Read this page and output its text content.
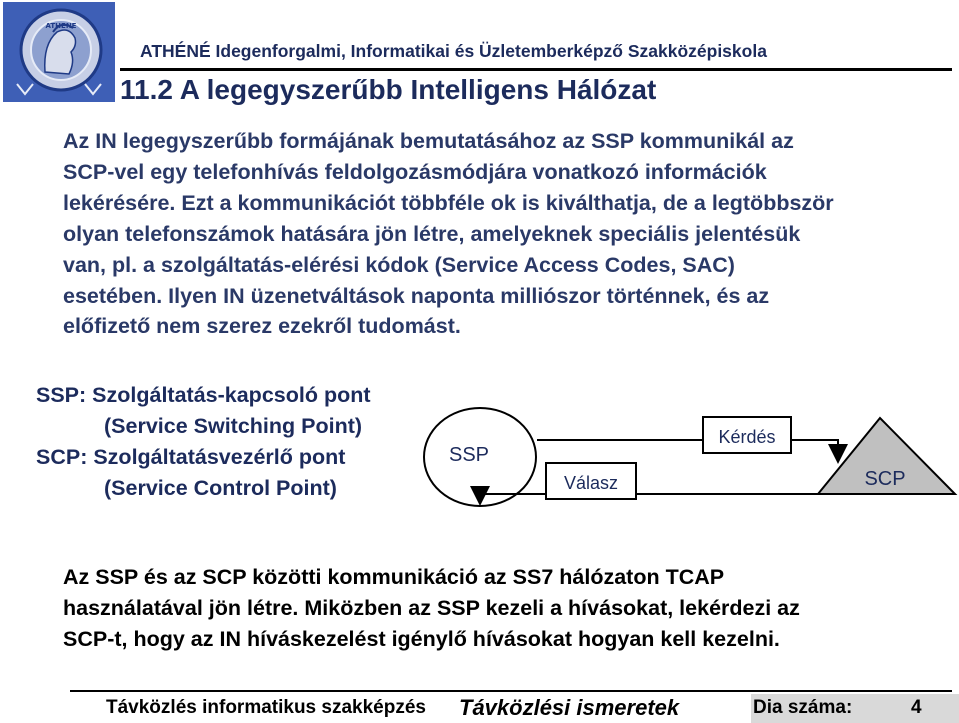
ATHENE
ATHÉNÉ Idegenforgalmi, Informatikai és Üzletemberképző Szakközépiskola
11.2 A legegyszerűbb Intelligens Hálózat

Az IN legegyszerűbb formájának bemutatásához az SSP kommunikál az
SCP-vel egy telefonhívás feldolgozásmódjára vonatkozó információk
lekérésére. Ezt a kommunikációt többféle ok is kiválthatja, de a legtöbbször
olyan telefonszámok hatására jön létre, amelyeknek speciális jelentésük
van, pl. a szolgáltatás-elérési kódok (Service Access Codes, SAC)
esetében. Ilyen IN üzenetváltások naponta milliószor történnek, és az
előfizető nem szerez ezekről tudomást.

SSP: Szolgáltatás-kapcsoló pont
(Service Switching Point)
SCP: Szolgáltatásvezérlő pont
(Service Control Point)
SSP
SCP
Kérdés
Válasz

Az SSP és az SCP közötti kommunikáció az SS7 hálózaton TCAP
használatával jön létre. Miközben az SSP kezeli a hívásokat, lekérdezi az
SCP-t, hogy az IN híváskezelést igénylő hívásokat hogyan kell kezelni.

Távközlés informatikus szakképzés Távközlési ismeretek	Dia száma:	4
